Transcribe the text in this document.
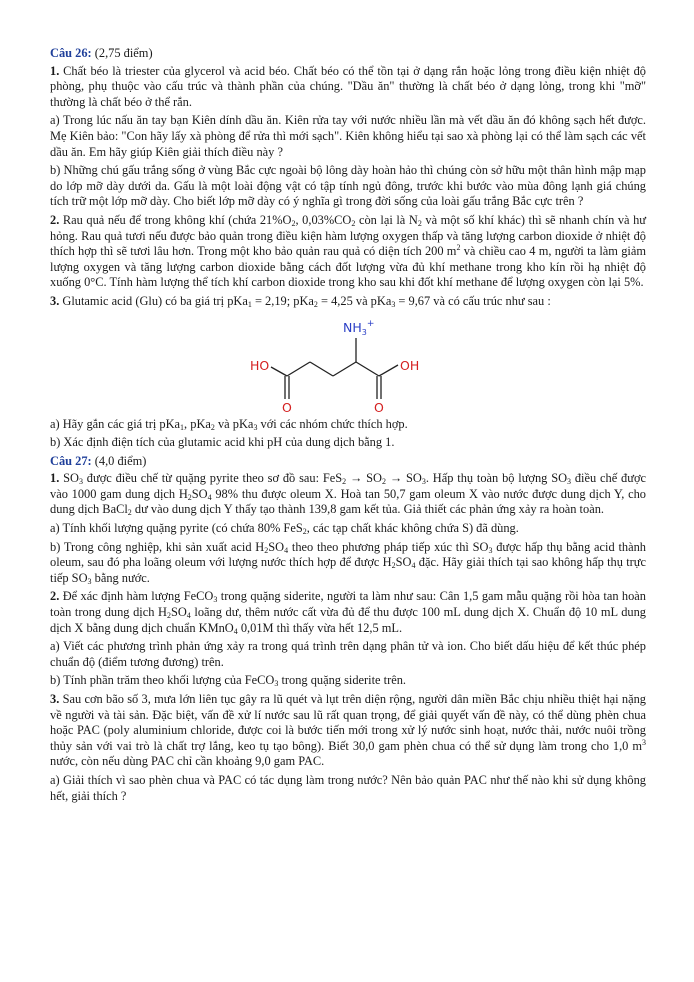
Câu 26: (2,75 điểm)

1. Chất béo là triester của glycerol và acid béo. Chất béo có thể tồn tại ở dạng rắn hoặc lỏng trong điều kiện nhiệt độ phòng, phụ thuộc vào cấu trúc và thành phần của chúng. "Dầu ăn" thường là chất béo ở dạng lỏng, trong khi "mỡ" thường là chất béo ở thể rắn.

a) Trong lúc nấu ăn tay bạn Kiên dính dầu ăn. Kiên rửa tay với nước nhiều lần mà vết dầu ăn đó không sạch hết được. Mẹ Kiên bảo: "Con hãy lấy xà phòng để rửa thì mới sạch". Kiên không hiểu tại sao xà phòng lại có thể làm sạch các vết dầu ăn. Em hãy giúp Kiên giải thích điều này ?

b) Những chú gấu trắng sống ở vùng Bắc cực ngoài bộ lông dày hoàn hảo thì chúng còn sở hữu một thân hình mập mạp do lớp mỡ dày dưới da. Gấu là một loài động vật có tập tính ngủ đông, trước khi bước vào mùa đông lạnh giá chúng tích trữ một lớp mỡ dày. Cho biết lớp mỡ dày có ý nghĩa gì trong đời sống của loài gấu trắng Bắc cực trên ?

2. Rau quả nếu để trong không khí (chứa $21\%O_2$, $0,03\%CO_2$ còn lại là $N_2$ và một số khí khác) thì sẽ nhanh chín và hư hỏng. Rau quả tươi nếu được bảo quản trong điều kiện hàm lượng oxygen thấp và tăng lượng carbon dioxide ở nhiệt độ thích hợp thì sẽ tươi lâu hơn. Trong một kho bảo quản rau quả có diện tích 200 $m^2$ và chiều cao 4 m, người ta làm giảm lượng oxygen và tăng lượng carbon dioxide bằng cách đốt lượng vừa đủ khí methane trong kho kín rồi hạ nhiệt độ xuống 0°C. Tính hàm lượng thể tích khí carbon dioxide trong kho sau khi đốt khí methane để lượng oxygen còn lại 5%.

3. Glutamic acid (Glu) có ba giá trị pKa$_1$ = 2,19; pKa$_2$ = 4,25 và pKa$_3$ = 9,67 và có cấu trúc như sau :

$NH_3^+$
HO	OH
O	O

a) Hãy gắn các giá trị pKa$_1$, pKa$_2$ và pKa$_3$ với các nhóm chức thích hợp.

b) Xác định điện tích của glutamic acid khi pH của dung dịch bằng 1.

Câu 27: (4,0 điểm)

1. $SO_3$ được điều chế từ quặng pyrite theo sơ đồ sau: $FeS_2 \to SO_2 \to SO_3$. Hấp thụ toàn bộ lượng $SO_3$ điều chế được vào 1000 gam dung dịch $H_2SO_4$ 98% thu được oleum X. Hoà tan 50,7 gam oleum X vào nước được dung dịch Y, cho dung dịch BaCl$_2$ dư vào dung dịch Y thấy tạo thành 139,8 gam kết tủa. Giả thiết các phản ứng xảy ra hoàn toàn.

a) Tính khối lượng quặng pyrite (có chứa 80% FeS$_2$, các tạp chất khác không chứa S) đã dùng.

b) Trong công nghiệp, khi sản xuất acid $H_2SO_4$ theo theo phương pháp tiếp xúc thì $SO_3$ được hấp thụ bằng acid thành oleum, sau đó pha loãng oleum với lượng nước thích hợp để được $H_2SO_4$ đặc. Hãy giải thích tại sao không hấp thụ trực tiếp $SO_3$ bằng nước.

2. Để xác định hàm lượng FeCO$_3$ trong quặng siderite, người ta làm như sau: Cân 1,5 gam mẫu quặng rồi hòa tan hoàn toàn trong dung dịch $H_2SO_4$ loãng dư, thêm nước cất vừa đủ để thu được 100 mL dung dịch X. Chuẩn độ 10 mL dung dịch X bằng dung dịch chuẩn KMnO$_4$ 0,01M thì thấy vừa hết 12,5 mL.

a) Viết các phương trình phản ứng xảy ra trong quá trình trên dạng phân tử và ion. Cho biết dấu hiệu để kết thúc phép chuẩn độ (điểm tương đương) trên.

b) Tính phần trăm theo khối lượng của FeCO$_3$ trong quặng siderite trên.

3. Sau cơn bão số 3, mưa lớn liên tục gây ra lũ quét và lụt trên diện rộng, người dân miền Bắc chịu nhiều thiệt hại nặng về người và tài sản. Đặc biệt, vấn đề xử lí nước sau lũ rất quan trọng, để giải quyết vấn đề này, có thể dùng phèn chua hoặc PAC (poly aluminium chloride, được coi là bước tiến mới trong xử lý nước sinh hoạt, nước thải, nước nuôi trồng thủy sản với vai trò là chất trợ lắng, keo tụ tạo bông). Biết 30,0 gam phèn chua có thể sử dụng làm trong cho 1,0 $m^3$ nước, còn nếu dùng PAC chỉ cần khoảng 9,0 gam PAC.

a) Giải thích vì sao phèn chua và PAC có tác dụng làm trong nước? Nên bảo quản PAC như thế nào khi sử dụng không hết, giải thích ?
